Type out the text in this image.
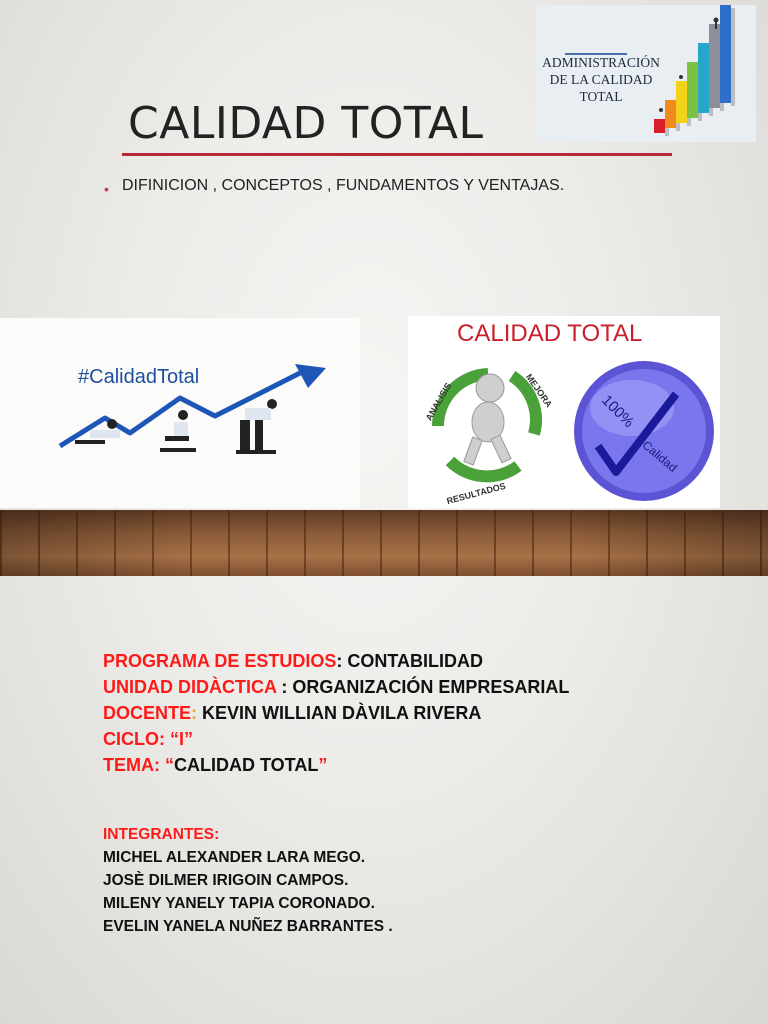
ADMINISTRACIÓN
DE LA CALIDAD
TOTAL
CALIDAD TOTAL
• DIFINICION , CONCEPTOS , FUNDAMENTOS Y VENTAJAS.
#CalidadTotal
CALIDAD TOTAL
ANALISIS	MEJORA
RESULTADOS
100%
Calidad
PROGRAMA DE ESTUDIOS: CONTABILIDAD
UNIDAD DIDÀCTICA : ORGANIZACIÓN EMPRESARIAL
DOCENTE: KEVIN WILLIAN DÀVILA RIVERA
CICLO: “I”
TEMA: “CALIDAD TOTAL”
INTEGRANTES:
MICHEL ALEXANDER LARA MEGO.
JOSÈ DILMER IRIGOIN CAMPOS.
MILENY YANELY TAPIA CORONADO.
EVELIN YANELA NUÑEZ BARRANTES .
